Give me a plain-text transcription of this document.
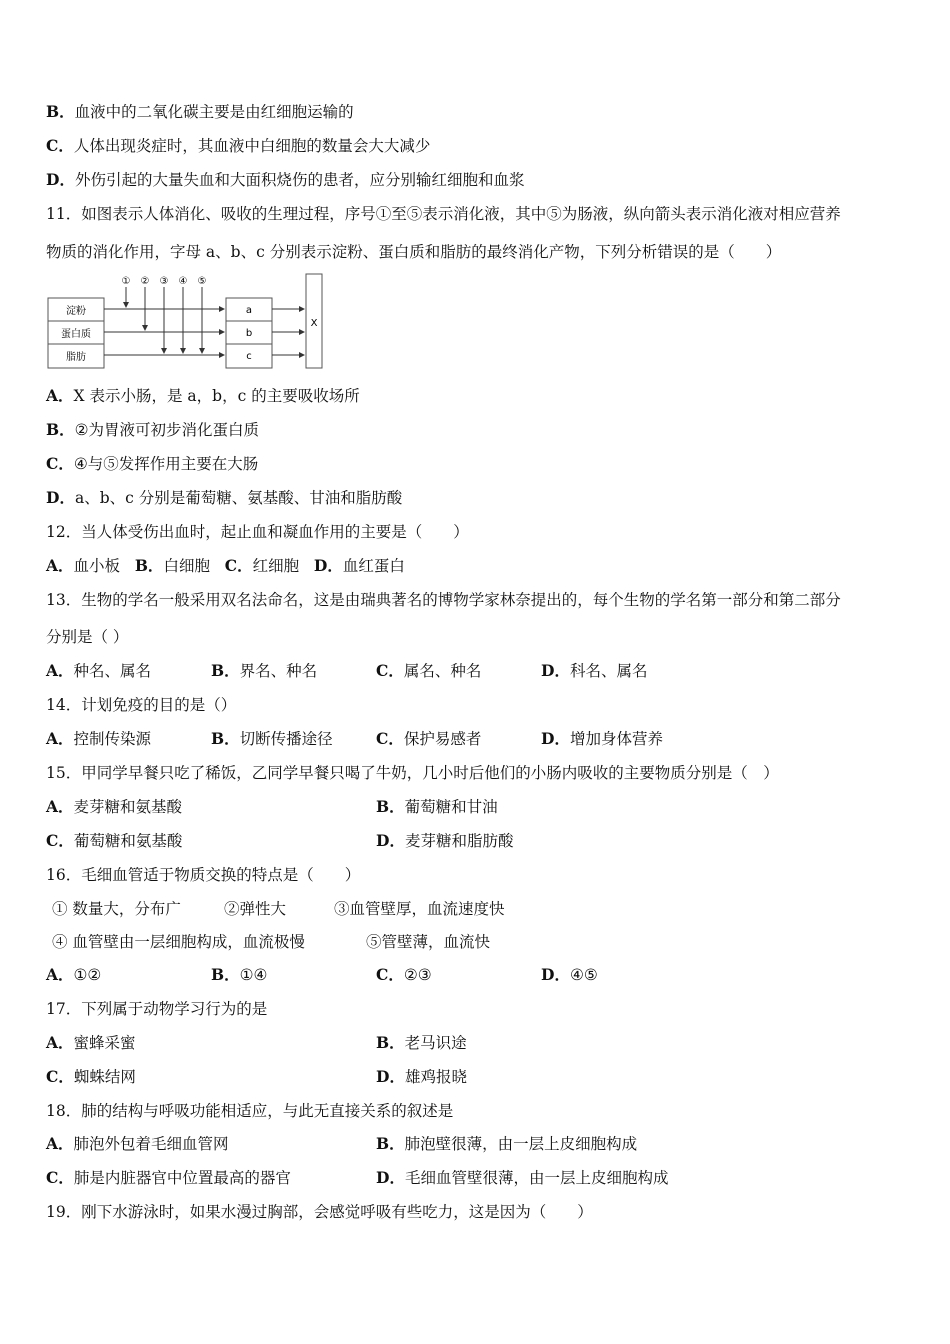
B．血液中的二氧化碳主要是由红细胞运输的
C．人体出现炎症时，其血液中白细胞的数量会大大减少
D．外伤引起的大量失血和大面积烧伤的患者，应分别输红细胞和血浆
11．如图表示人体消化、吸收的生理过程，序号①至⑤表示消化液，其中⑤为肠液，纵向箭头表示消化液对相应营养
物质的消化作用，字母 a、b、c 分别表示淀粉、蛋白质和脂肪的最终消化产物，下列分析错误的是（　　）
淀粉
蛋白质
脂肪
① ② ③ ④ ⑤
a
b
c
X
A．X 表示小肠，是 a，b，c 的主要吸收场所
B．②为胃液可初步消化蛋白质
C．④与⑤发挥作用主要在大肠
D．a、b、c 分别是葡萄糖、氨基酸、甘油和脂肪酸
12．当人体受伤出血时，起止血和凝血作用的主要是（　　）
A．血小板 B．白细胞 C．红细胞 D．血红蛋白
13．生物的学名一般采用双名法命名，这是由瑞典著名的博物学家林奈提出的，每个生物的学名第一部分和第二部分
分别是（ ）
A．种名、属名	B．界名、种名	C．属名、种名	D．科名、属名
14．计划免疫的目的是（）
A．控制传染源	B．切断传播途径	C．保护易感者	D．增加身体营养
15．甲同学早餐只吃了稀饭，乙同学早餐只喝了牛奶，几小时后他们的小肠内吸收的主要物质分别是（　）
A．麦芽糖和氨基酸	B．葡萄糖和甘油
C．葡萄糖和氨基酸	D．麦芽糖和脂肪酸
16．毛细血管适于物质交换的特点是（　　）
① 数量大，分布广	②弹性大	③血管壁厚，血流速度快
④ 血管壁由一层细胞构成，血流极慢	⑤管壁薄，血流快
A．①②	B．①④	C．②③	D．④⑤
17．下列属于动物学习行为的是
A．蜜蜂采蜜	B．老马识途
C．蜘蛛结网	D．雄鸡报晓
18．肺的结构与呼吸功能相适应，与此无直接关系的叙述是
A．肺泡外包着毛细血管网	B．肺泡壁很薄，由一层上皮细胞构成
C．肺是内脏器官中位置最高的器官	D．毛细血管壁很薄，由一层上皮细胞构成
19．刚下水游泳时，如果水漫过胸部，会感觉呼吸有些吃力，这是因为（　　）
